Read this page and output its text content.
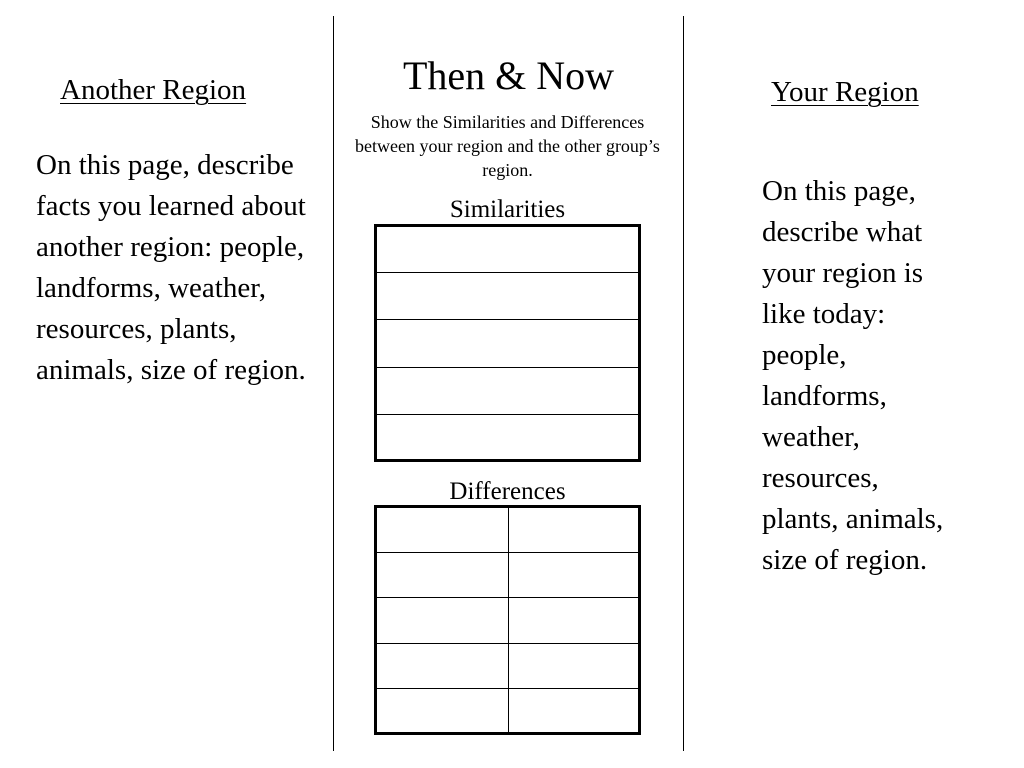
Another Region

On this page, describe facts you learned about another region: people, landforms, weather, resources, plants, animals, size of region.

Then & Now

Show the Similarities and Differences between your region and the other group’s region.

Similarities
Differences
Your Region

On this page, describe what your region is like today: people, landforms, weather, resources, plants, animals, size of region.
